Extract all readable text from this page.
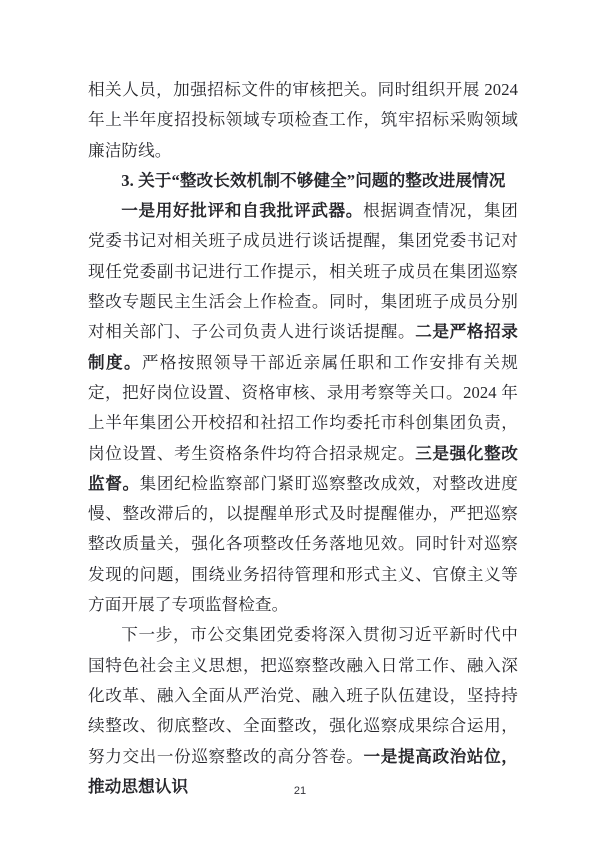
相关人员，加强招标文件的审核把关。同时组织开展 2024 年上半年度招投标领域专项检查工作，筑牢招标采购领域廉洁防线。

3. 关于“整改长效机制不够健全”问题的整改进展情况

一是用好批评和自我批评武器。根据调查情况，集团党委书记对相关班子成员进行谈话提醒，集团党委书记对现任党委副书记进行工作提示，相关班子成员在集团巡察整改专题民主生活会上作检查。同时，集团班子成员分别对相关部门、子公司负责人进行谈话提醒。二是严格招录制度。严格按照领导干部近亲属任职和工作安排有关规定，把好岗位设置、资格审核、录用考察等关口。2024 年上半年集团公开校招和社招工作均委托市科创集团负责，岗位设置、考生资格条件均符合招录规定。三是强化整改监督。集团纪检监察部门紧盯巡察整改成效，对整改进度慢、整改滞后的，以提醒单形式及时提醒催办，严把巡察整改质量关，强化各项整改任务落地见效。同时针对巡察发现的问题，围绕业务招待管理和形式主义、官僚主义等方面开展了专项监督检查。

下一步，市公交集团党委将深入贯彻习近平新时代中国特色社会主义思想，把巡察整改融入日常工作、融入深化改革、融入全面从严治党、融入班子队伍建设，坚持持续整改、彻底整改、全面整改，强化巡察成果综合运用，努力交出一份巡察整改的高分答卷。一是提高政治站位，推动思想认识	21
